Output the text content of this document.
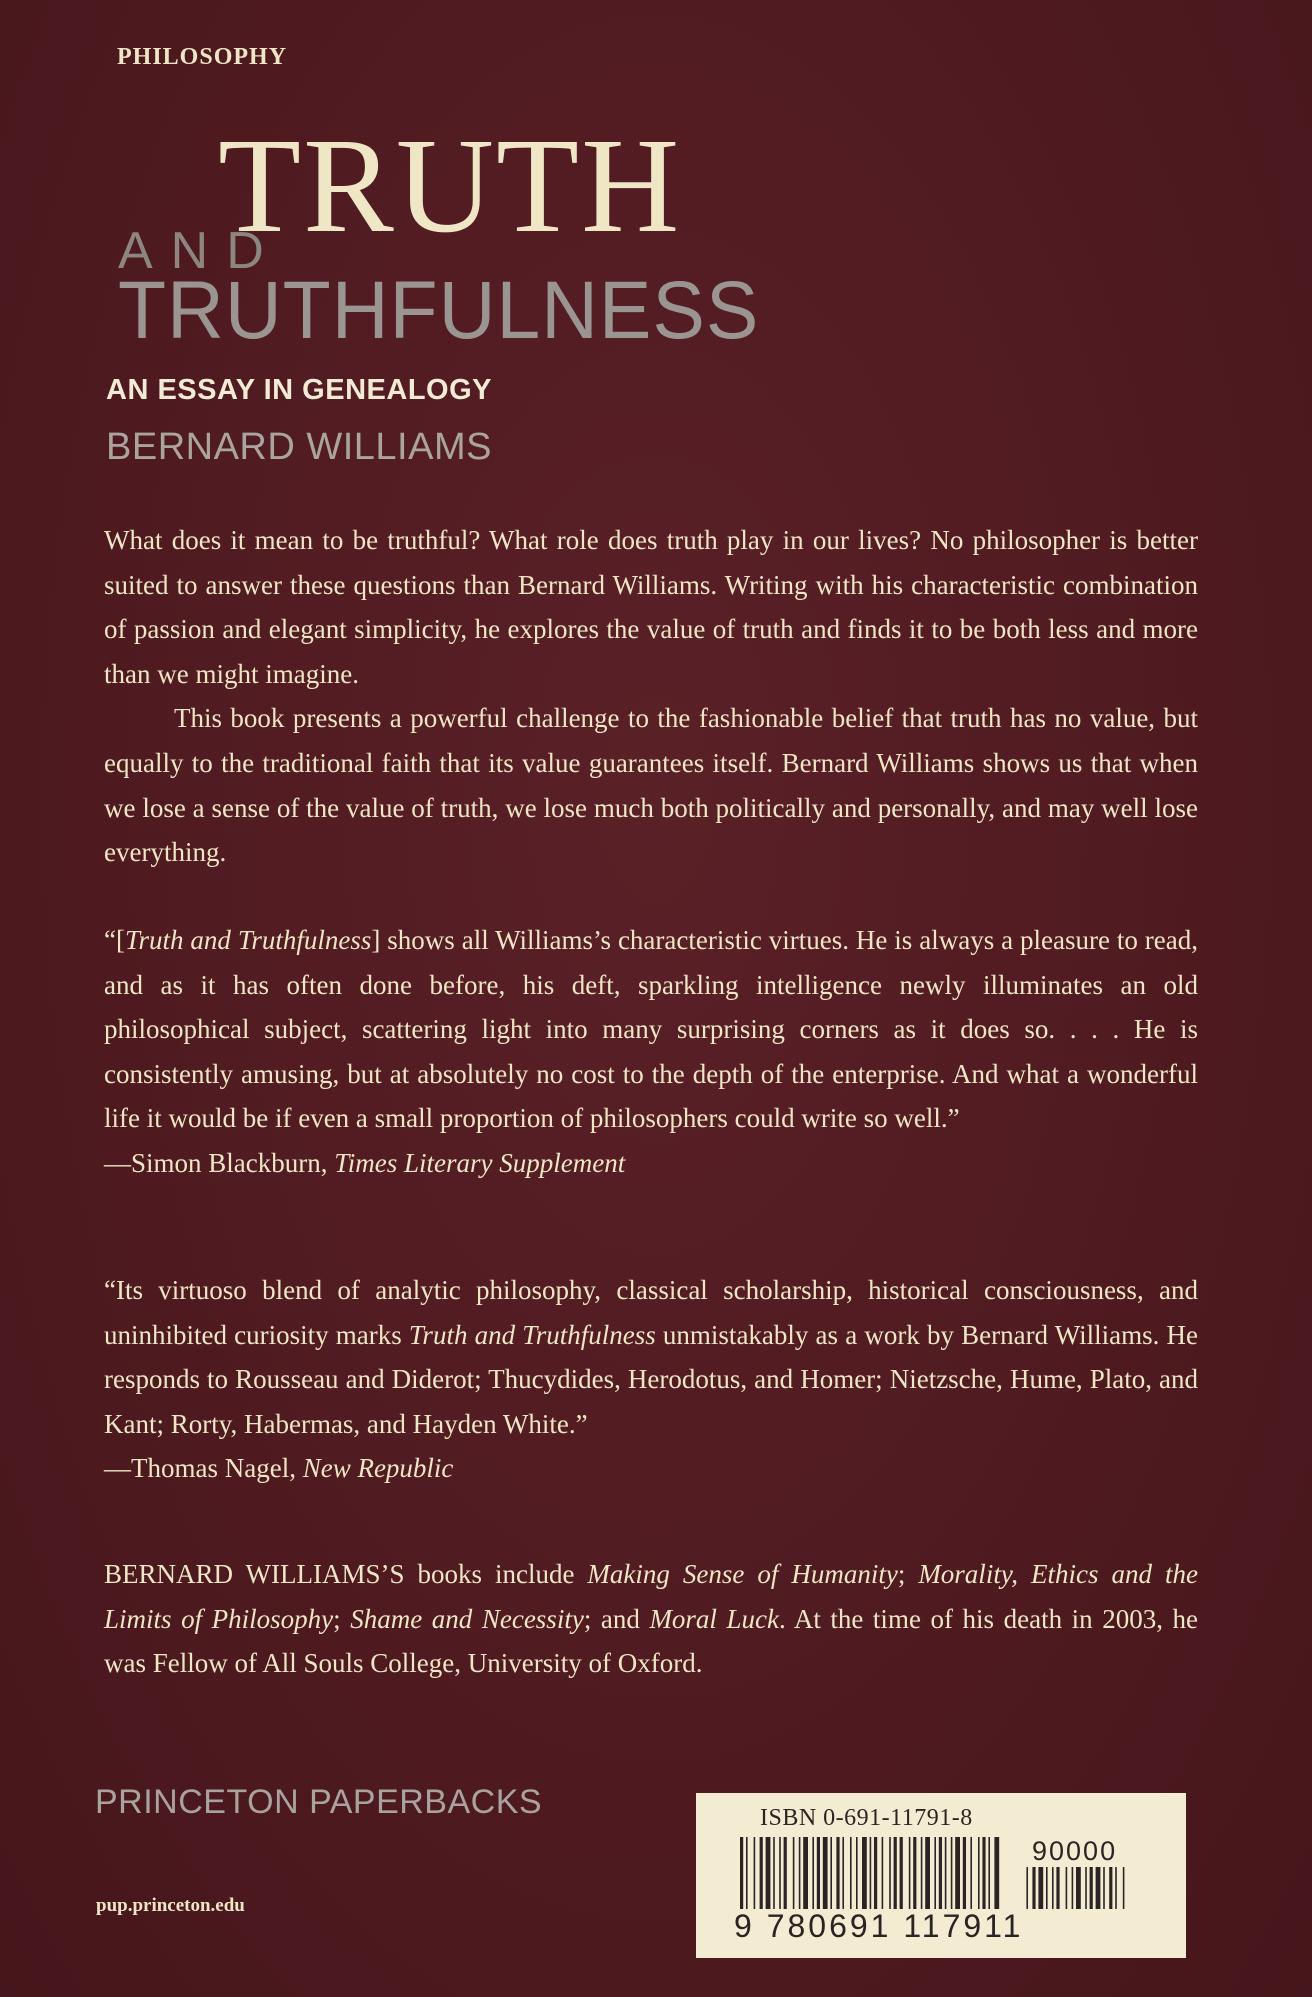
PHILOSOPHY
TRUTH
AND
TRUTHFULNESS
AN ESSAY IN GENEALOGY
BERNARD WILLIAMS

What does it mean to be truthful? What role does truth play in our lives? No philosopher is better suited to answer these questions than Bernard Williams. Writing with his characteristic combination of passion and elegant simplicity, he explores the value of truth and finds it to be both less and more than we might imagine.

This book presents a powerful challenge to the fashionable belief that truth has no value, but equally to the traditional faith that its value guarantees itself. Bernard Williams shows us that when we lose a sense of the value of truth, we lose much both politically and personally, and may well lose everything.

“[Truth and Truthfulness] shows all Williams’s characteristic virtues. He is always a pleasure to read, and as it has often done before, his deft, sparkling intelligence newly illuminates an old philosophical subject, scattering light into many surprising corners as it does so. . . . He is consistently amusing, but at absolutely no cost to the depth of the enterprise. And what a wonderful life it would be if even a small proportion of philosophers could write so well.”

—Simon Blackburn, Times Literary Supplement

“Its virtuoso blend of analytic philosophy, classical scholarship, historical consciousness, and uninhibited curiosity marks Truth and Truthfulness unmistakably as a work by Bernard Williams. He responds to Rousseau and Diderot; Thucydides, Herodotus, and Homer; Nietzsche, Hume, Plato, and Kant; Rorty, Habermas, and Hayden White.”

—Thomas Nagel, New Republic

BERNARD WILLIAMS’S books include Making Sense of Humanity; Morality, Ethics and the Limits of Philosophy; Shame and Necessity; and Moral Luck. At the time of his death in 2003, he was Fellow of All Souls College, University of Oxford.

PRINCETON PAPERBACKS
pup.princeton.edu
ISBN 0-691-11791-8
90000
9 780691 117911
